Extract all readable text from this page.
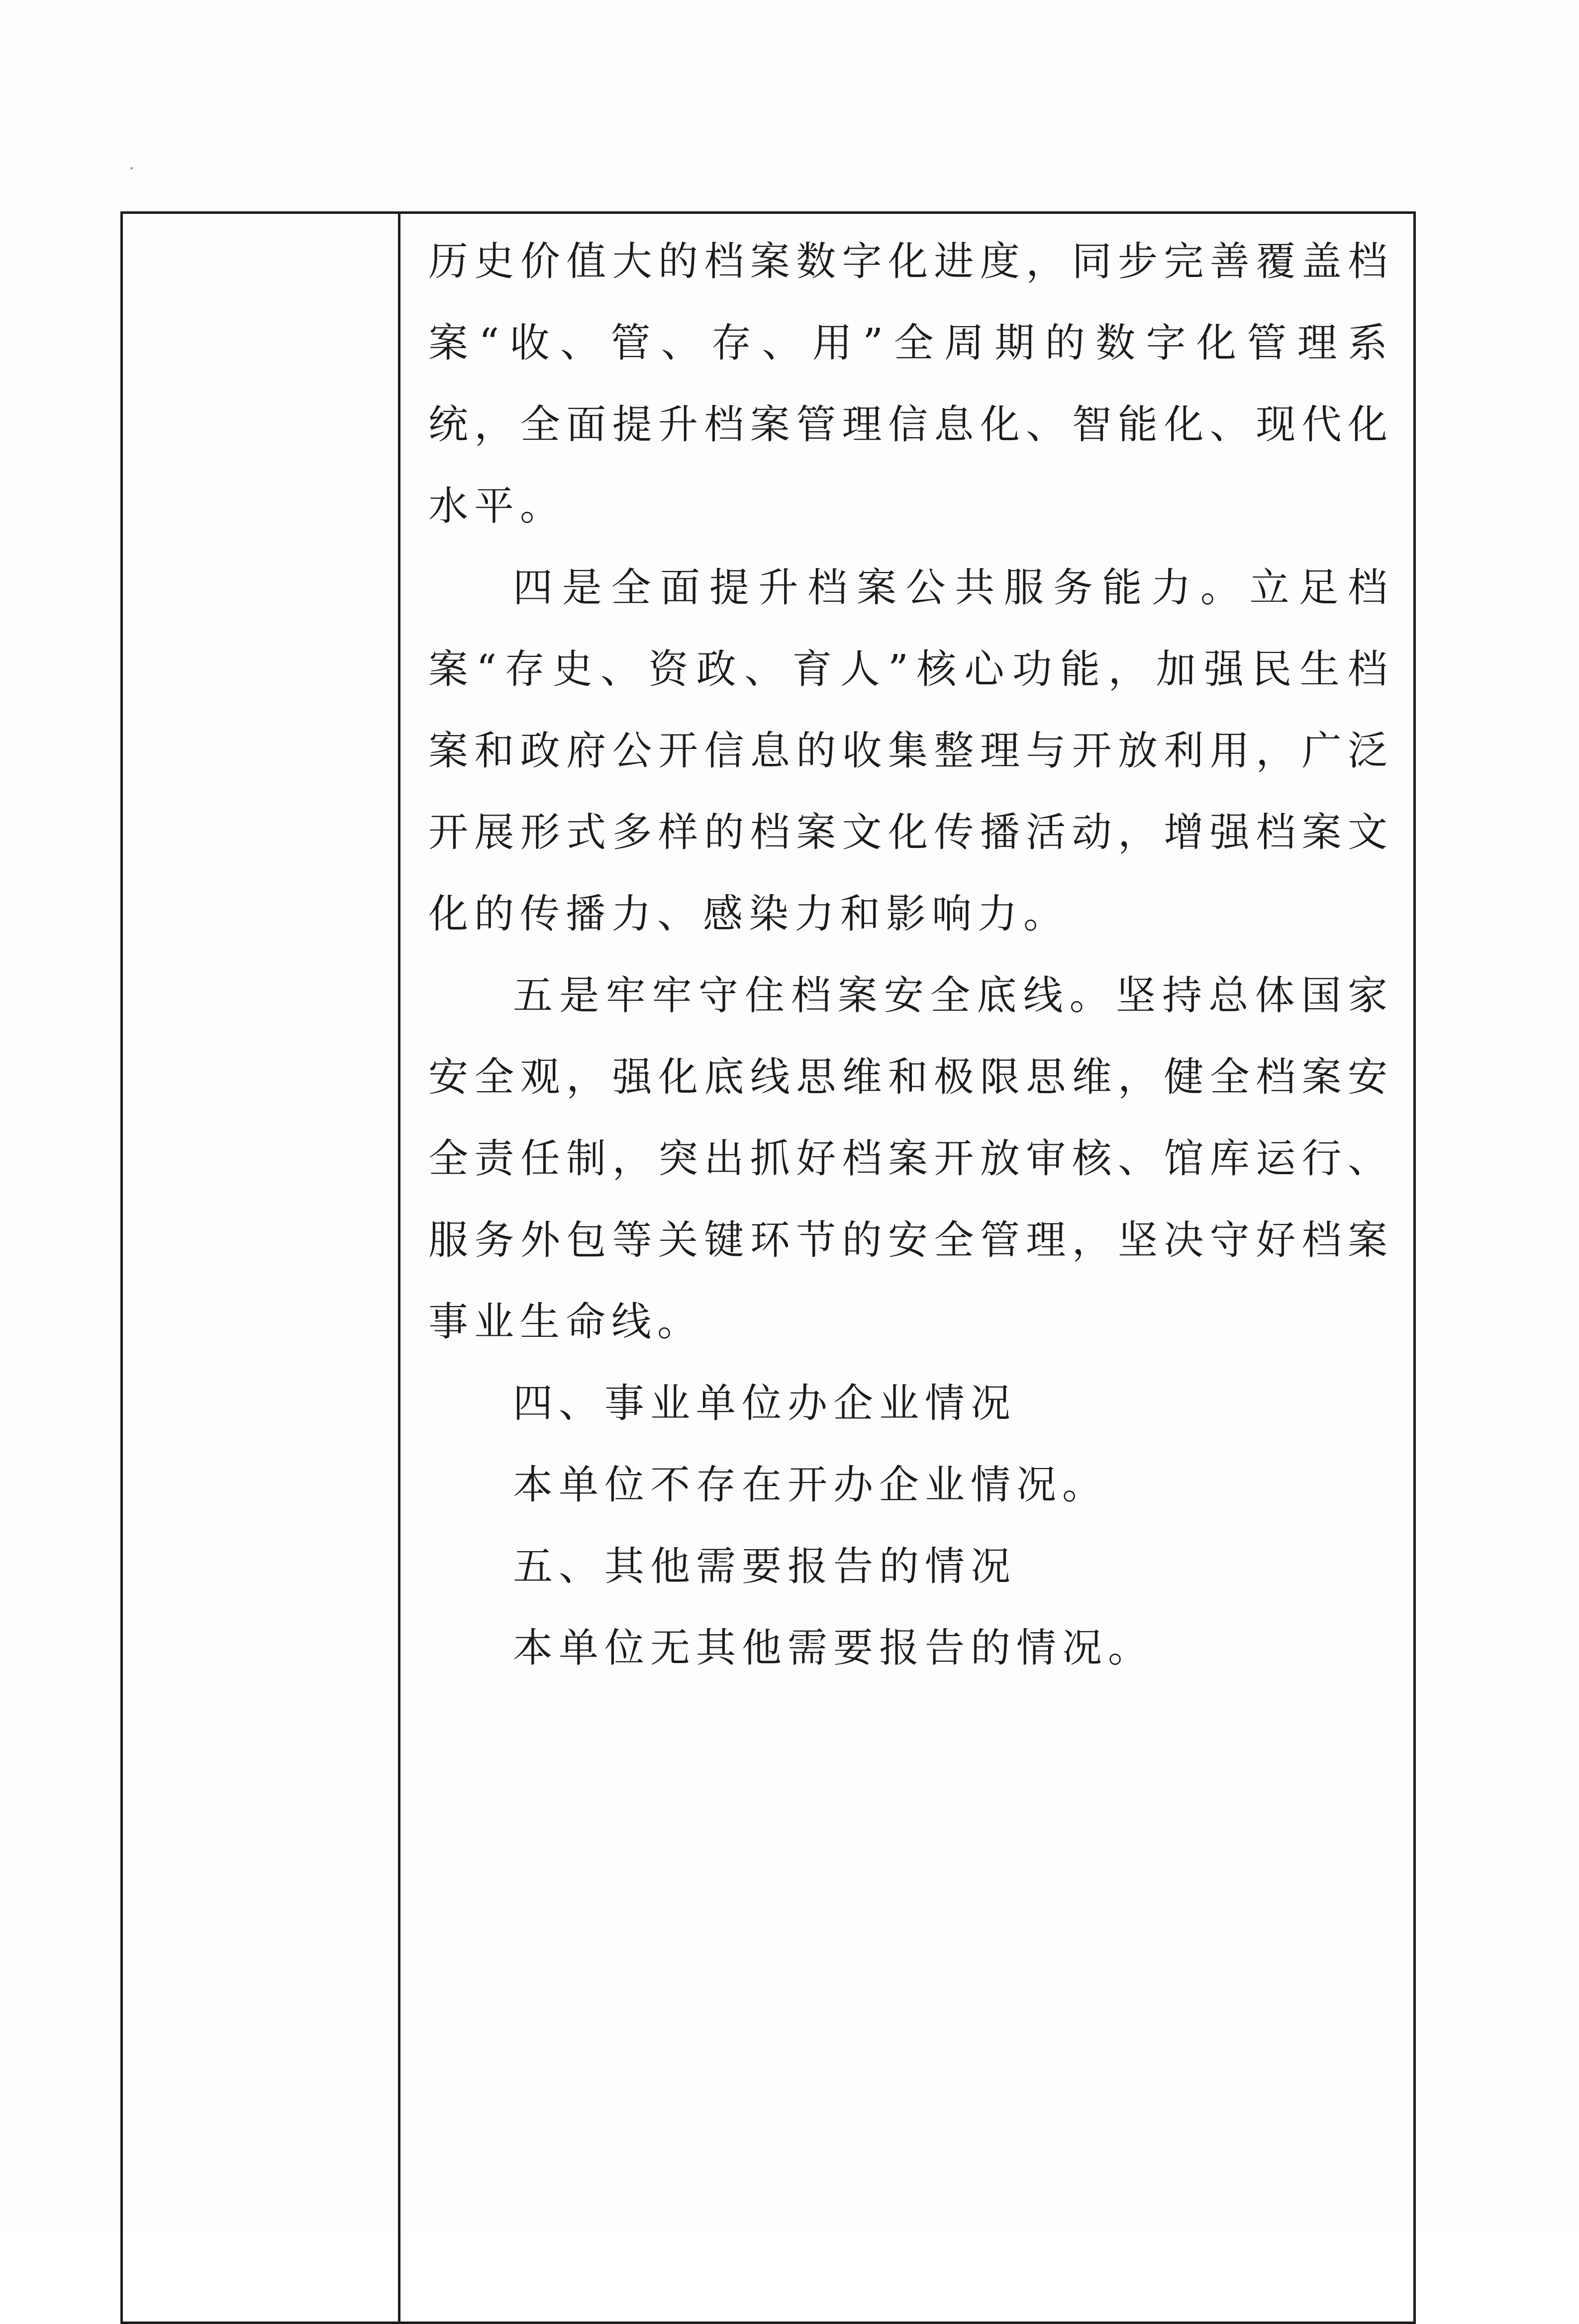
历史价值大的档案数字化进度，同步完善覆盖档案“收、管、存、用”全周期的数字化管理系统，全面提升档案管理信息化、智能化、现代化水平。

四是全面提升档案公共服务能力。立足档案“存史、资政、育人”核心功能，加强民生档案和政府公开信息的收集整理与开放利用，广泛开展形式多样的档案文化传播活动，增强档案文化的传播力、感染力和影响力。

五是牢牢守住档案安全底线。坚持总体国家安全观，强化底线思维和极限思维，健全档案安全责任制，突出抓好档案开放审核、馆库运行、服务外包等关键环节的安全管理，坚决守好档案事业生命线。

四、事业单位办企业情况

本单位不存在开办企业情况。

五、其他需要报告的情况

本单位无其他需要报告的情况。
